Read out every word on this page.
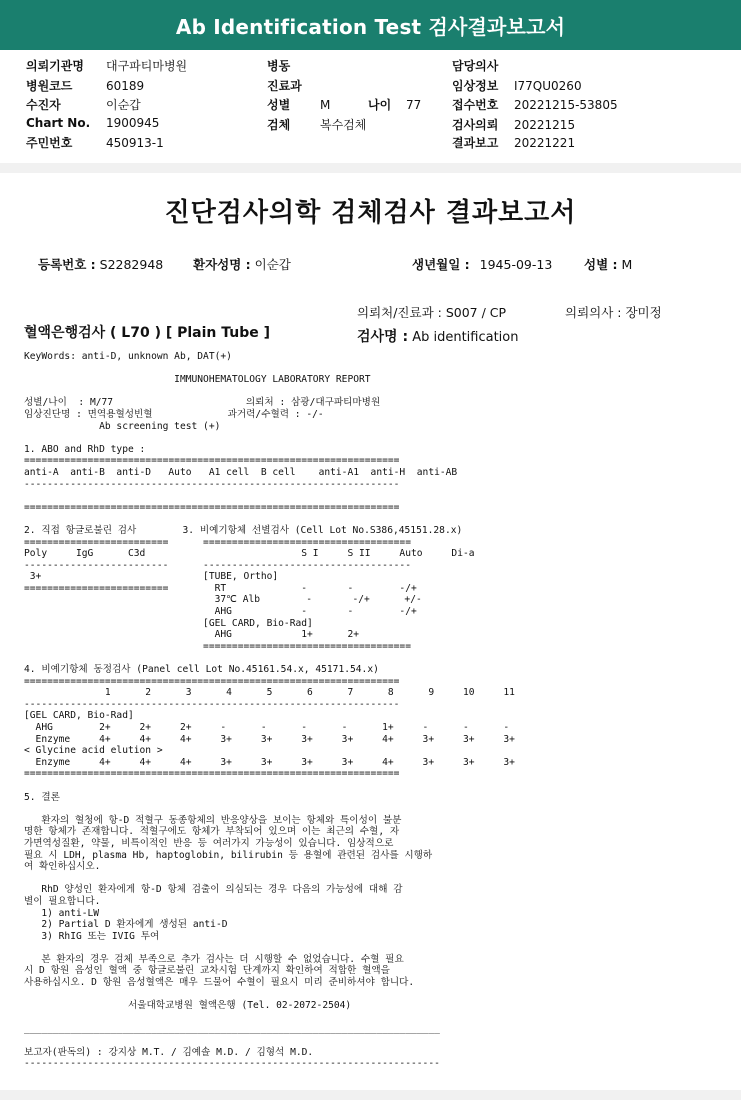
Ab Identification Test 검사결과보고서
의뢰기관명 대구파티마병원
병원코드	60189
수진자	이순갑
Chart No. 1900945
주민번호	450913-1
병동
진료과
성별 M	나이 77
검체 복수검체
담당의사
임상정보 I77QU0260
접수번호 20221215-53805
검사의뢰 20221215
결과보고 20221221
진단검사의학 검체검사 결과보고서
등록번호 : S2282948 환자성명 : 이순갑	생년월일 : 1945-09-13	성별 : M
의뢰처/진료과 : S007 / CP	의뢰의사 : 장미정
혈액은행검사 ( L70 ) [ Plain Tube ]	검사명 : Ab identification
KeyWords: anti-D, unknown Ab, DAT(+)

IMMUNOHEMATOLOGY LABORATORY REPORT

성별/나이  : M/77                       의뢰처 : 삼광/대구파티마병원
임상진단명 : 면역용혈성빈혈             과거력/수혈력 : -/-
Ab screening test (+)

1. ABO and RhD type :
=================================================================
anti-A  anti-B  anti-D   Auto   A1 cell  B cell    anti-A1  anti-H  anti-AB
-----------------------------------------------------------------

=================================================================

2. 직접 항글로불린 검사        3. 비예기항체 선별검사 (Cell Lot No.S386,45151.28.x)
=========================      ====================================
Poly     IgG      C3d                           S I     S II     Auto     Di-a
-------------------------      ------------------------------------
3+                            [TUBE, Ortho]
=========================        RT             -       -        -/+
37℃ Alb        -       -/+      +/-
AHG            -       -        -/+
[GEL CARD, Bio-Rad]
AHG            1+      2+
====================================

4. 비예기항체 동정검사 (Panel cell Lot No.45161.54.x, 45171.54.x)
=================================================================
1      2      3      4      5      6      7      8      9     10     11
-----------------------------------------------------------------
[GEL CARD, Bio-Rad]
AHG        2+     2+     2+     -      -      -      -      1+     -      -      -
Enzyme     4+     4+     4+     3+     3+     3+     3+     4+     3+     3+     3+
< Glycine acid elution >
Enzyme     4+     4+     4+     3+     3+     3+     3+     4+     3+     3+     3+
=================================================================

5. 결론

환자의 혈청에 항-D 적혈구 동종항체의 반응양상을 보이는 항체와 특이성이 불분
명한 항체가 존재합니다. 적혈구에도 항체가 부착되어 있으며 이는 최근의 수혈, 자
가면역성질환, 약물, 비특이적인 반응 등 여러가지 가능성이 있습니다. 임상적으로
필요 시 LDH, plasma Hb, haptoglobin, bilirubin 등 용혈에 관련된 검사를 시행하
여 확인하십시오.

RhD 양성인 환자에게 항-D 항체 검출이 의심되는 경우 다음의 가능성에 대해 감
별이 필요합니다.
1) anti-LW
2) Partial D 환자에게 생성된 anti-D
3) RhIG 또는 IVIG 투여

본 환자의 경우 검체 부족으로 추가 검사는 더 시행할 수 없었습니다. 수혈 필요
시 D 항원 음성인 혈액 중 항글로불린 교차시험 단계까지 확인하여 적합한 혈액을
사용하십시오. D 항원 음성혈액은 매우 드물어 수혈이 필요시 미리 준비하셔야 합니다.

서울대학교병원 혈액은행 (Tel. 02-2072-2504)

________________________________________________________________________

보고자(판독의) : 강지상 M.T. / 김예솔 M.D. / 김형석 M.D.
------------------------------------------------------------------------
